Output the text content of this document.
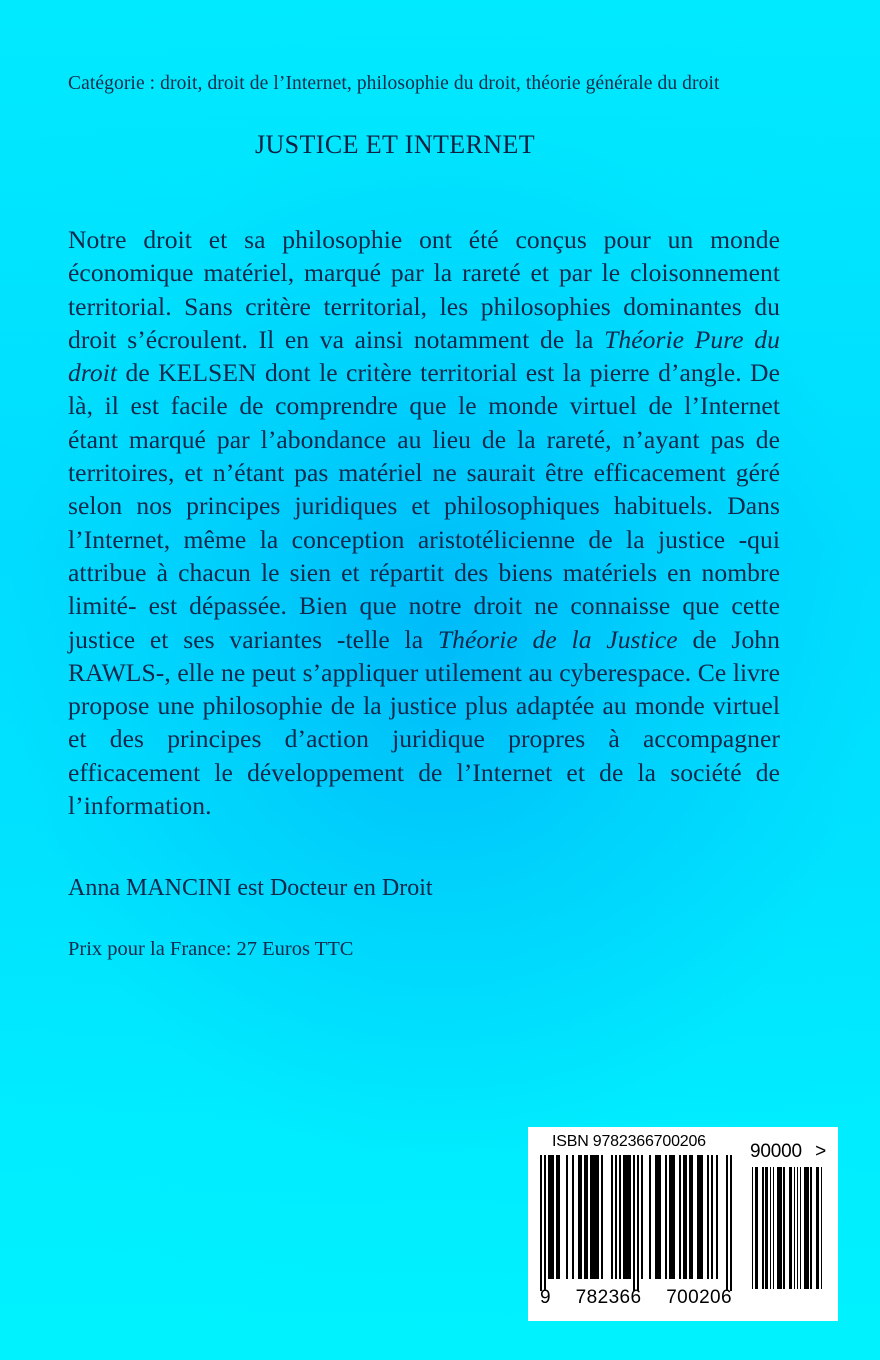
Catégorie : droit, droit de l’Internet, philosophie du droit, théorie générale du droit
JUSTICE ET INTERNET
Notre droit et sa philosophie ont été conçus pour un monde économique matériel, marqué par la rareté et par le cloisonnement territorial. Sans critère territorial, les philosophies dominantes du droit s’écroulent. Il en va ainsi notamment de la Théorie Pure du droit de KELSEN dont le critère territorial est la pierre d’angle. De là, il est facile de comprendre que le monde virtuel de l’Internet étant marqué par l’abondance au lieu de la rareté, n’ayant pas de territoires, et n’étant pas matériel ne saurait être efficacement géré selon nos principes juridiques et philosophiques habituels. Dans l’Internet, même la conception aristotélicienne de la justice -qui attribue à chacun le sien et répartit des biens matériels en nombre limité- est dépassée. Bien que notre droit ne connaisse que cette justice et ses variantes -telle la Théorie de la Justice de John RAWLS-, elle ne peut s’appliquer utilement au cyberespace. Ce livre propose une philosophie de la justice plus adaptée au monde virtuel et des principes d’action juridique propres à accompagner efficacement le développement de l’Internet et de la société de l’information.
Anna MANCINI est Docteur en Droit
Prix pour la France: 27 Euros TTC
ISBN 9782366700206
9 782366 700206
90000 >
